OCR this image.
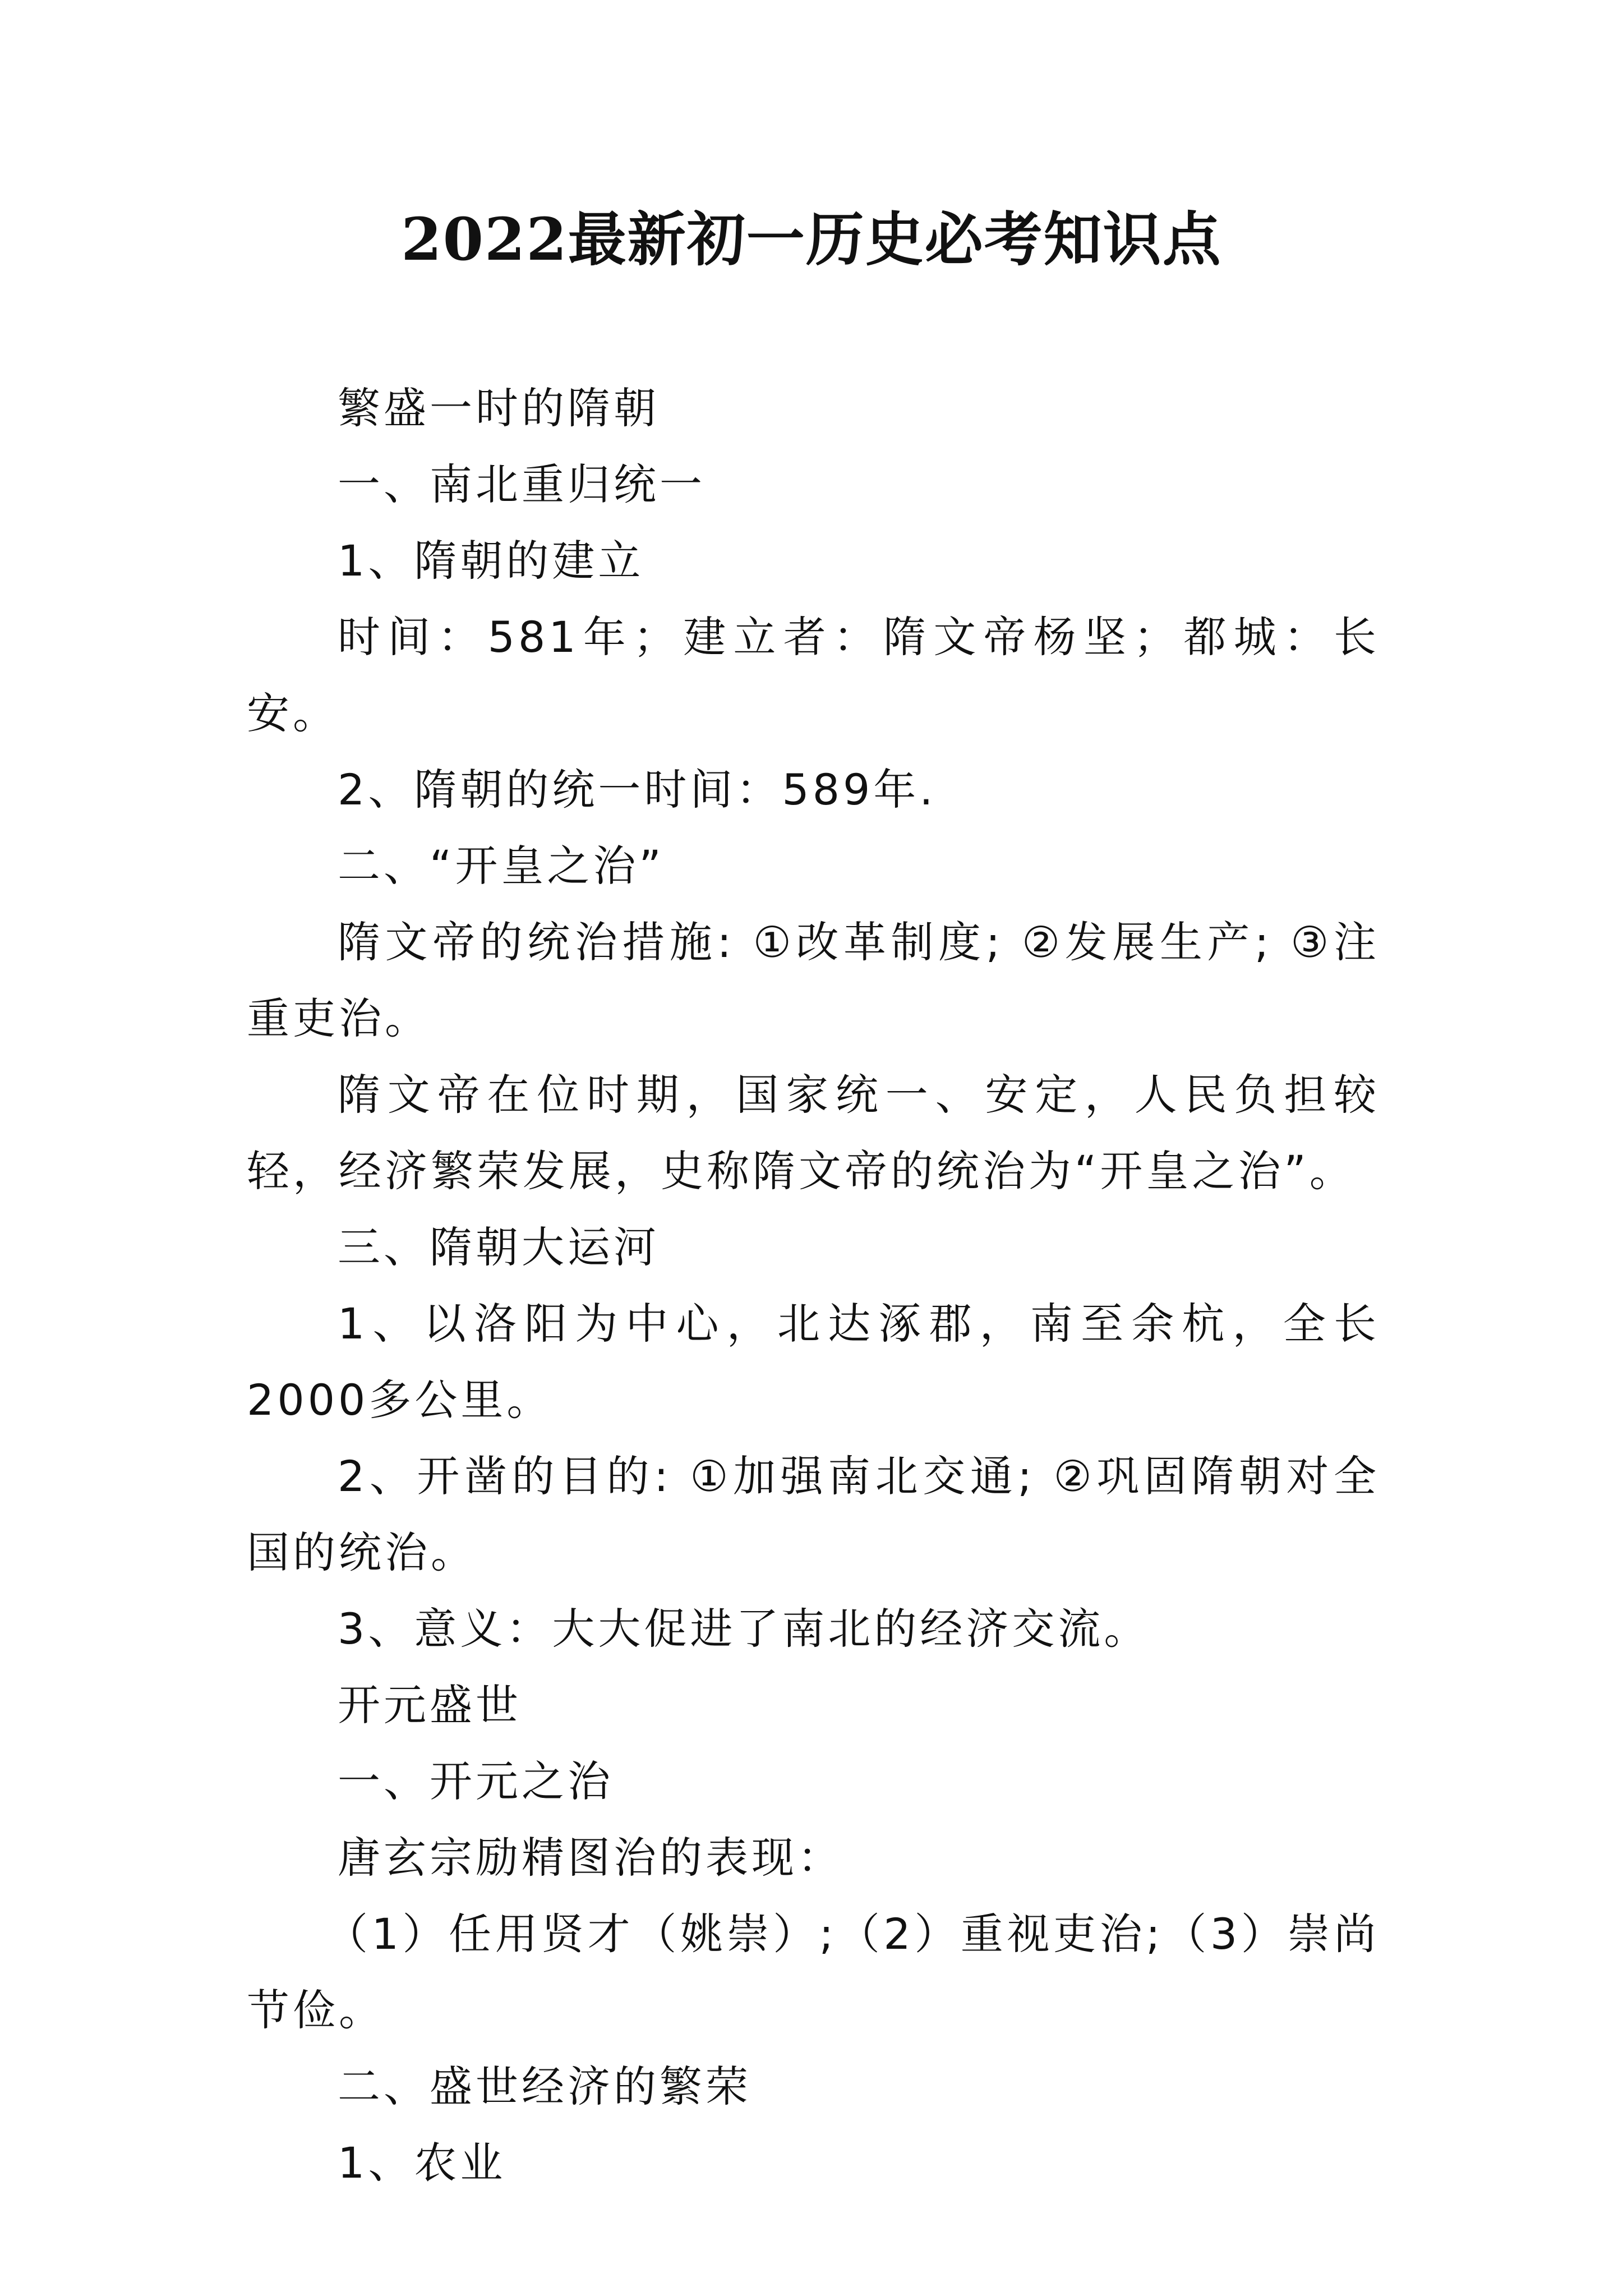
2022最新初一历史必考知识点

繁盛一时的隋朝

一、南北重归统一

1、隋朝的建立

时间：581年；建立者：隋文帝杨坚；都城：长安。

2、隋朝的统一时间：589年.

二、“开皇之治”

隋文帝的统治措施: ①改革制度; ②发展生产; ③注重吏治。

隋文帝在位时期，国家统一、安定，人民负担较轻，经济繁荣发展，史称隋文帝的统治为“开皇之治”。

三、隋朝大运河

1、以洛阳为中心，北达涿郡，南至余杭，全长2000多公里。

2、开凿的目的: ①加强南北交通; ②巩固隋朝对全国的统治。

3、意义：大大促进了南北的经济交流。

开元盛世

一、开元之治

唐玄宗励精图治的表现：

（1）任用贤才（姚崇）;（2）重视吏治;（3）崇尚节俭。

二、盛世经济的繁荣

1、农业
